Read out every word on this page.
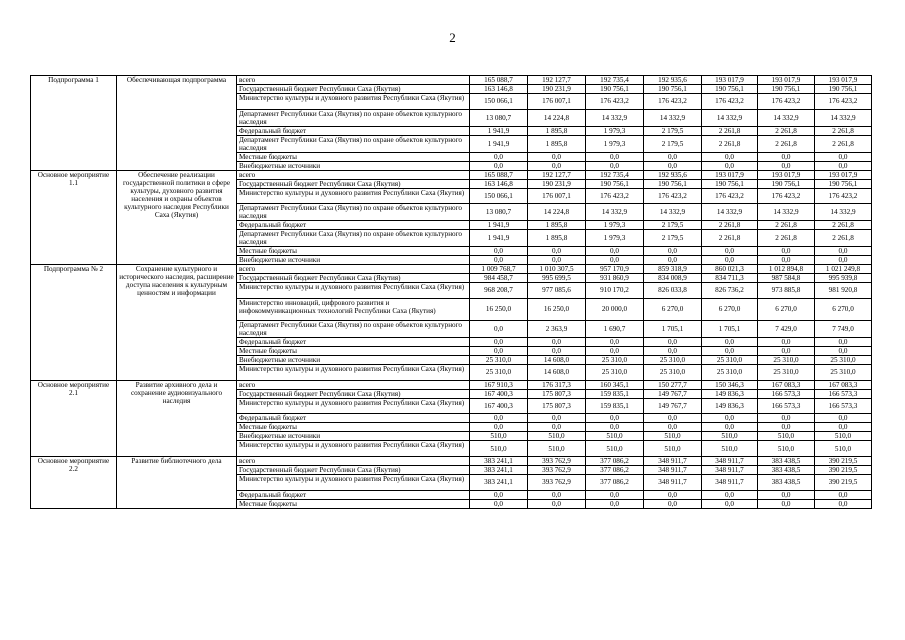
2
Подпрограмма 1	Обеспечивающая подпрограмма	всего	165 088,7	192 127,7	192 735,4	192 935,6	193 017,9	193 017,9	193 017,9
		Государственный бюджет Республики Саха (Якутия)	163 146,8	190 231,9	190 756,1	190 756,1	190 756,1	190 756,1	190 756,1
		Министерство культуры и духовного развития Республики Саха (Якутия)	150 066,1	176 007,1	176 423,2	176 423,2	176 423,2	176 423,2	176 423,2
		Департамент Республики Саха (Якутия) по охране объектов культурного наследия	13 080,7	14 224,8	14 332,9	14 332,9	14 332,9	14 332,9	14 332,9
		Федеральный бюджет	1 941,9	1 895,8	1 979,3	2 179,5	2 261,8	2 261,8	2 261,8
		Департамент Республики Саха (Якутия) по охране объектов культурного наследия	1 941,9	1 895,8	1 979,3	2 179,5	2 261,8	2 261,8	2 261,8
		Местные бюджеты	0,0	0,0	0,0	0,0	0,0	0,0	0,0
		Внебюджетные источники	0,0	0,0	0,0	0,0	0,0	0,0	0,0
Основное мероприятие 1.1	Обеспечение реализации государственной политики в сфере культуры, духовного развития населения и охраны объектов культурного наследия Республики Саха (Якутия)	всего	165 088,7	192 127,7	192 735,4	192 935,6	193 017,9	193 017,9	193 017,9
		Государственный бюджет Республики Саха (Якутия)	163 146,8	190 231,9	190 756,1	190 756,1	190 756,1	190 756,1	190 756,1
		Министерство культуры и духовного развития Республики Саха (Якутия)	150 066,1	176 007,1	176 423,2	176 423,2	176 423,2	176 423,2	176 423,2
		Департамент Республики Саха (Якутия) по охране объектов культурного наследия	13 080,7	14 224,8	14 332,9	14 332,9	14 332,9	14 332,9	14 332,9
		Федеральный бюджет	1 941,9	1 895,8	1 979,3	2 179,5	2 261,8	2 261,8	2 261,8
		Департамент Республики Саха (Якутия) по охране объектов культурного наследия	1 941,9	1 895,8	1 979,3	2 179,5	2 261,8	2 261,8	2 261,8
		Местные бюджеты	0,0	0,0	0,0	0,0	0,0	0,0	0,0
		Внебюджетные источники	0,0	0,0	0,0	0,0	0,0	0,0	0,0
Подпрограмма № 2	Сохранение культурного и исторического наследия, расширение доступа населения к культурным ценностям и информации	всего	1 009 768,7	1 010 307,5	957 170,9	859 318,9	860 021,3	1 012 894,8	1 021 249,8
		Государственный бюджет Республики Саха (Якутия)	984 458,7	995 699,5	931 860,9	834 008,9	834 711,3	987 584,8	995 939,8
		Министерство культуры и духовного развития Республики Саха (Якутия)	968 208,7	977 085,6	910 170,2	826 033,8	826 736,2	973 885,8	981 920,8
		Министерство инноваций, цифрового развития и инфокоммуникационных технологий Республики Саха (Якутия)	16 250,0	16 250,0	20 000,0	6 270,0	6 270,0	6 270,0	6 270,0
		Департамент Республики Саха (Якутия) по охране объектов культурного наследия	0,0	2 363,9	1 690,7	1 705,1	1 705,1	7 429,0	7 749,0
		Федеральный бюджет	0,0	0,0	0,0	0,0	0,0	0,0	0,0
		Местные бюджеты	0,0	0,0	0,0	0,0	0,0	0,0	0,0
		Внебюджетные источники	25 310,0	14 608,0	25 310,0	25 310,0	25 310,0	25 310,0	25 310,0
		Министерство культуры и духовного развития Республики Саха (Якутия)	25 310,0	14 608,0	25 310,0	25 310,0	25 310,0	25 310,0	25 310,0
Основное мероприятие 2.1	Развитие архивного дела и сохранение аудиовизуального наследия	всего	167 910,3	176 317,3	160 345,1	150 277,7	150 346,3	167 083,3	167 083,3
		Государственный бюджет Республики Саха (Якутия)	167 400,3	175 807,3	159 835,1	149 767,7	149 836,3	166 573,3	166 573,3
		Министерство культуры и духовного развития Республики Саха (Якутия)	167 400,3	175 807,3	159 835,1	149 767,7	149 836,3	166 573,3	166 573,3
		Федеральный бюджет	0,0	0,0	0,0	0,0	0,0	0,0	0,0
		Местные бюджеты	0,0	0,0	0,0	0,0	0,0	0,0	0,0
		Внебюджетные источники	510,0	510,0	510,0	510,0	510,0	510,0	510,0
		Министерство культуры и духовного развития Республики Саха (Якутия)	510,0	510,0	510,0	510,0	510,0	510,0	510,0
Основное мероприятие 2.2	Развитие библиотечного дела	всего	383 241,1	393 762,9	377 086,2	348 911,7	348 911,7	383 438,5	390 219,5
		Государственный бюджет Республики Саха (Якутия)	383 241,1	393 762,9	377 086,2	348 911,7	348 911,7	383 438,5	390 219,5
		Министерство культуры и духовного развития Республики Саха (Якутия)	383 241,1	393 762,9	377 086,2	348 911,7	348 911,7	383 438,5	390 219,5
		Федеральный бюджет	0,0	0,0	0,0	0,0	0,0	0,0	0,0
		Местные бюджеты	0,0	0,0	0,0	0,0	0,0	0,0	0,0
